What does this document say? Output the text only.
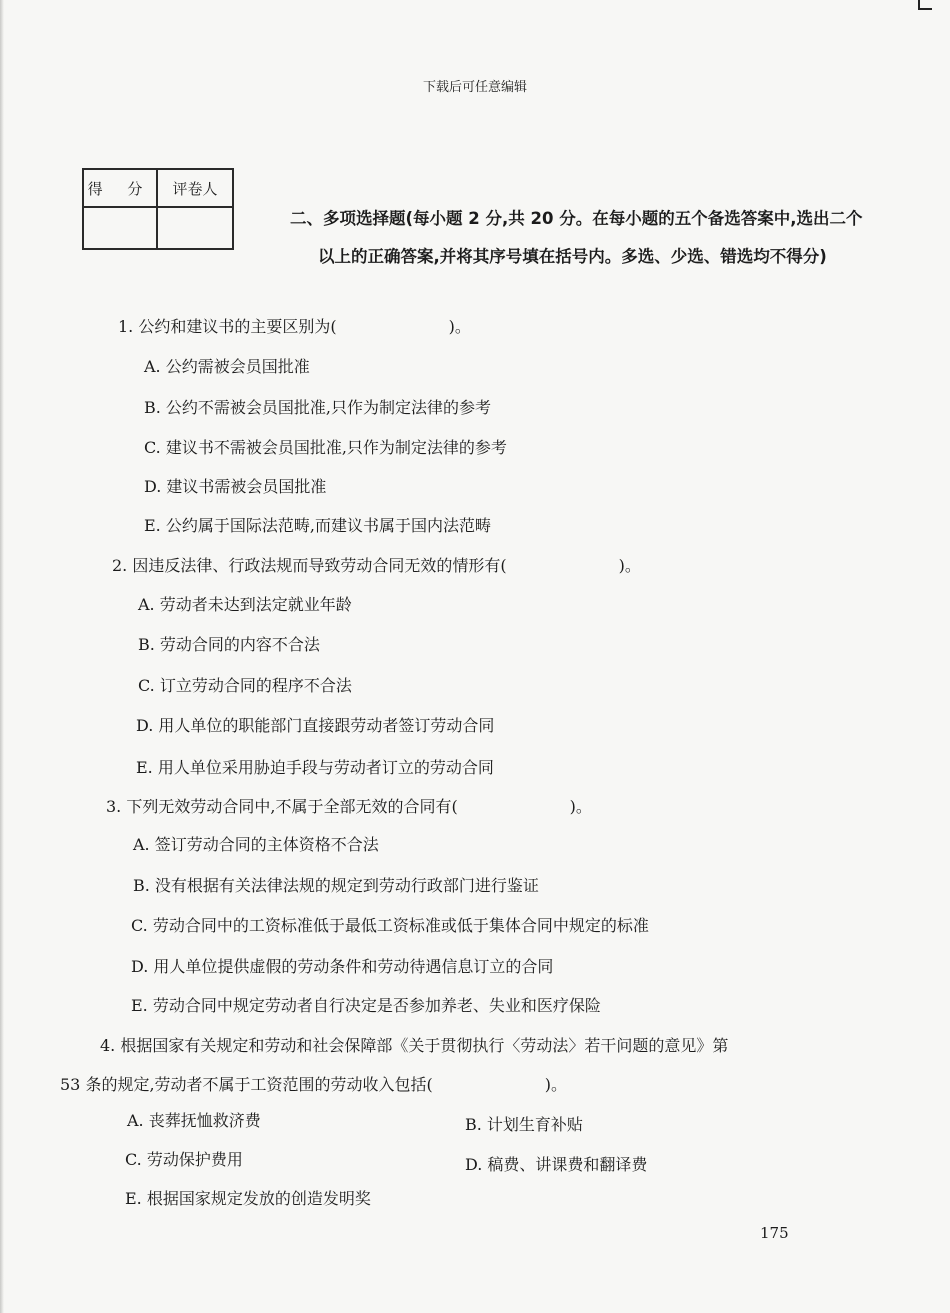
下载后可任意编辑
得 分	评卷人

二、多项选择题(每小题 2 分,共 20 分。在每小题的五个备选答案中,选出二个以上的正确答案,并将其序号填在括号内。多选、少选、错选均不得分)
1. 公约和建议书的主要区别为(　　　　　　　)。
A. 公约需被会员国批准
B. 公约不需被会员国批准,只作为制定法律的参考
C. 建议书不需被会员国批准,只作为制定法律的参考
D. 建议书需被会员国批准
E. 公约属于国际法范畴,而建议书属于国内法范畴
2. 因违反法律、行政法规而导致劳动合同无效的情形有(　　　　　　　)。
A. 劳动者未达到法定就业年龄
B. 劳动合同的内容不合法
C. 订立劳动合同的程序不合法
D. 用人单位的职能部门直接跟劳动者签订劳动合同
E. 用人单位采用胁迫手段与劳动者订立的劳动合同
3. 下列无效劳动合同中,不属于全部无效的合同有(　　　　　　　)。
A. 签订劳动合同的主体资格不合法
B. 没有根据有关法律法规的规定到劳动行政部门进行鉴证
C. 劳动合同中的工资标准低于最低工资标准或低于集体合同中规定的标准
D. 用人单位提供虚假的劳动条件和劳动待遇信息订立的合同
E. 劳动合同中规定劳动者自行决定是否参加养老、失业和医疗保险
4. 根据国家有关规定和劳动和社会保障部《关于贯彻执行〈劳动法〉若干问题的意见》第
53 条的规定,劳动者不属于工资范围的劳动收入包括(　　　　　　　)。
A. 丧葬抚恤救济费	B. 计划生育补贴
C. 劳动保护费用	D. 稿费、讲课费和翻译费
E. 根据国家规定发放的创造发明奖
175
